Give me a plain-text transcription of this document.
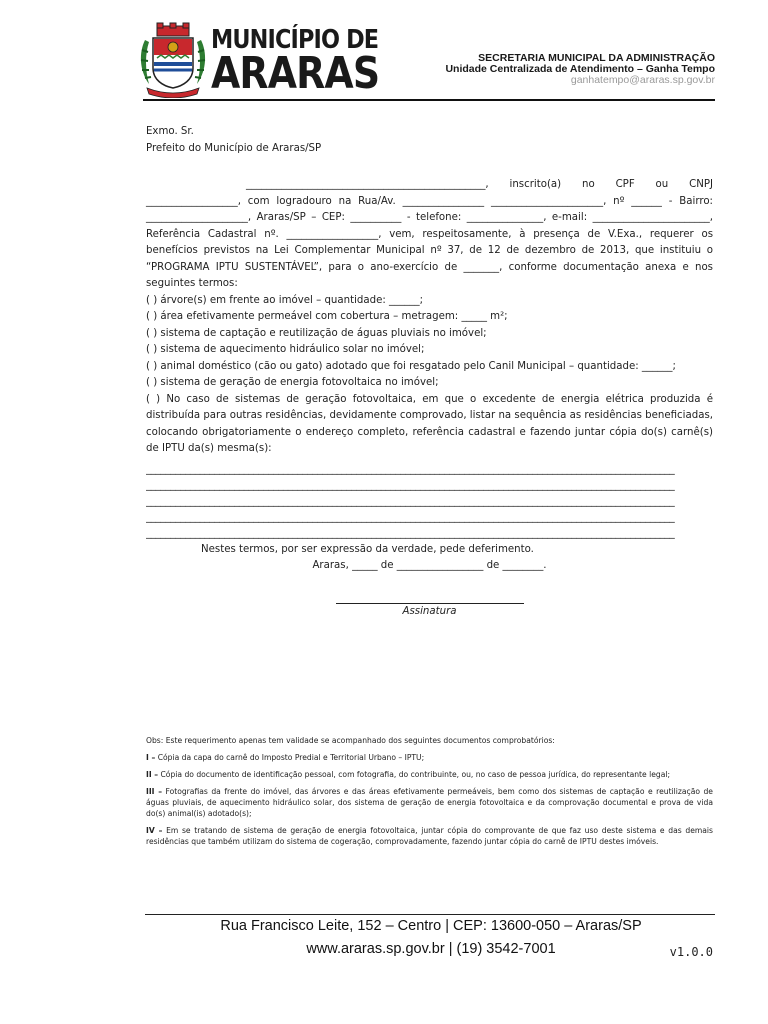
MUNICÍPIO DE
ARARAS	SECRETARIA MUNICIPAL DA ADMINISTRAÇÃO
Unidade Centralizada de Atendimento – Ganha Tempo
ganhatempo@araras.sp.gov.br

Exmo. Sr.

Prefeito do Município de Araras/SP

_______________________________________________, inscrito(a) no CPF ou CNPJ __________________, com logradouro na Rua/Av. ________________ ______________________, nº ______ - Bairro: ____________________, Araras/SP – CEP: __________ - telefone: _______________, e-mail: _______________________, Referência Cadastral nº. __________________, vem, respeitosamente, à presença de V.Exa., requerer os benefícios previstos na Lei Complementar Municipal nº 37, de 12 de dezembro de 2013, que instituiu o “PROGRAMA IPTU SUSTENTÁVEL”, para o ano-exercício de _______, conforme documentação anexa e nos seguintes termos:

( ) árvore(s) em frente ao imóvel – quantidade: ______;

( ) área efetivamente permeável com cobertura – metragem: _____ m²;

( ) sistema de captação e reutilização de águas pluviais no imóvel;

( ) sistema de aquecimento hidráulico solar no imóvel;

( ) animal doméstico (cão ou gato) adotado que foi resgatado pelo Canil Municipal – quantidade: ______;

( ) sistema de geração de energia fotovoltaica no imóvel;

( ) No caso de sistemas de geração fotovoltaica, em que o excedente de energia elétrica produzida é distribuída para outras residências, devidamente comprovado, listar na sequência as residências beneficiadas, colocando obrigatoriamente o endereço completo, referência cadastral e fazendo juntar cópia do(s) carnê(s) de IPTU da(s) mesma(s):

____________________________________________________________________________________________________________
____________________________________________________________________________________________________________
____________________________________________________________________________________________________________
____________________________________________________________________________________________________________
____________________________________________________________________________________________________________

Nestes termos, por ser expressão da verdade, pede deferimento.

Araras, _____ de _________________ de ________.

Assinatura

Obs: Este requerimento apenas tem validade se acompanhado dos seguintes documentos comprobatórios:

I – Cópia da capa do carnê do Imposto Predial e Territorial Urbano – IPTU;

II – Cópia do documento de identificação pessoal, com fotografia, do contribuinte, ou, no caso de pessoa jurídica, do representante legal;

III – Fotografias da frente do imóvel, das árvores e das áreas efetivamente permeáveis, bem como dos sistemas de captação e reutilização de águas pluviais, de aquecimento hidráulico solar, dos sistema de geração de energia fotovoltaica e da comprovação documental e prova de vida do(s) animal(is) adotado(s);

IV – Em se tratando de sistema de geração de energia fotovoltaica, juntar cópia do comprovante de que faz uso deste sistema e das demais residências que também utilizam do sistema de cogeração, comprovadamente, fazendo juntar cópia do carnê de IPTU destes imóveis.

Rua Francisco Leite, 152 – Centro | CEP: 13600-050 – Araras/SP
www.araras.sp.gov.br | (19) 3542-7001	v1.0.0
